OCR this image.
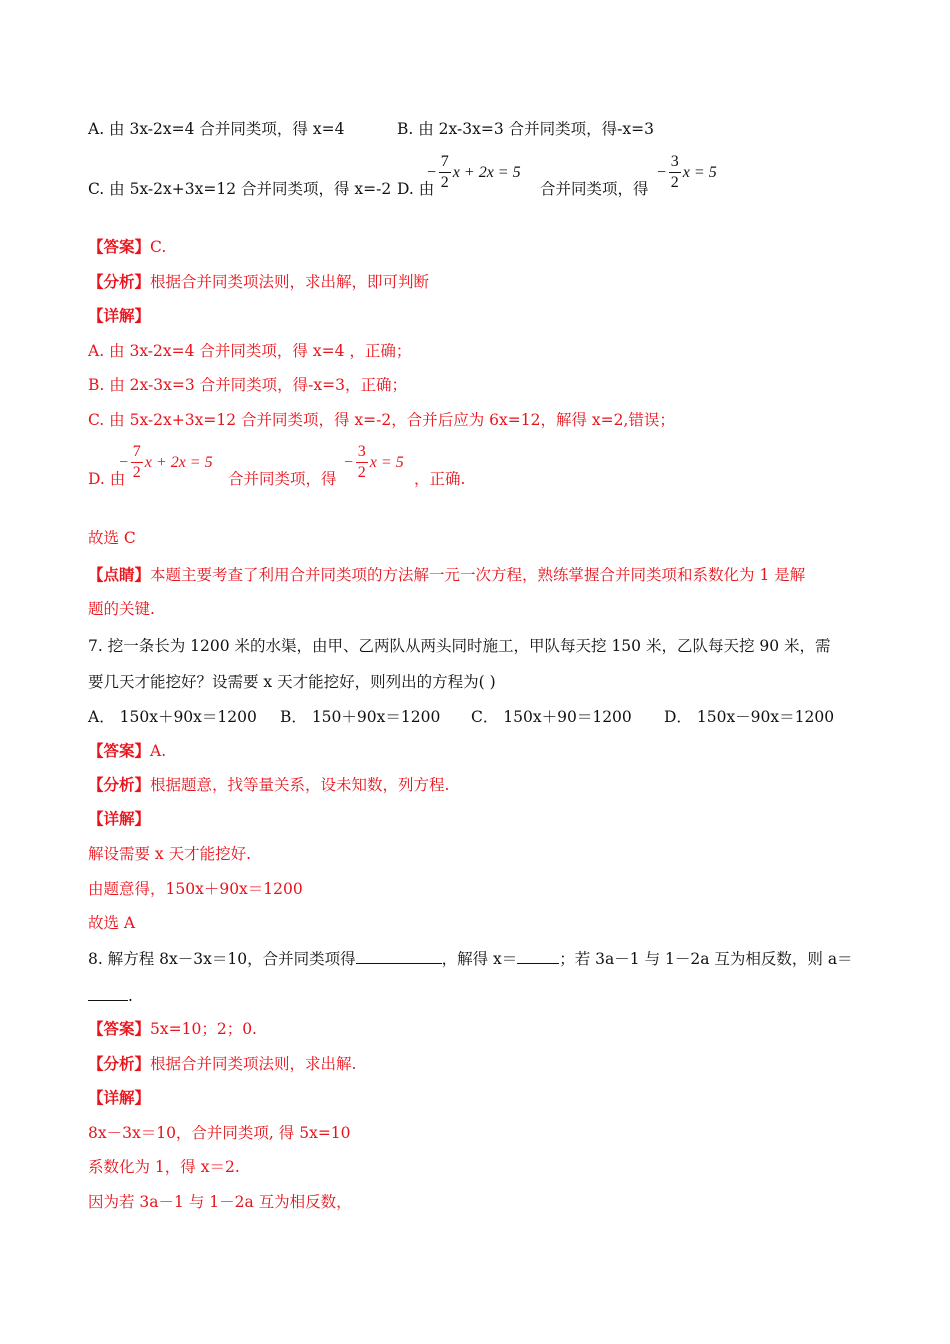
A. 由 3x-2x=4 合并同类项，得 x=4	B. 由 2x-3x=3 合并同类项，得-x=3
C. 由 5x-2x+3x=12 合并同类项，得 x=-2 D. 由
− $\frac{7}{2}$ x + 2x = 5
合并同类项，得
− $\frac{3}{2}$ x = 5
【答案】C.
【分析】根据合并同类项法则，求出解，即可判断
【详解】
A. 由 3x-2x=4 合并同类项，得 x=4 ，正确；
B. 由 2x-3x=3 合并同类项，得-x=3，正确；
C. 由 5x-2x+3x=12 合并同类项，得 x=-2，合并后应为 6x=12，解得 x=2,错误；
D. 由
− $\frac{7}{2}$ x + 2x = 5
合并同类项，得
− $\frac{3}{2}$ x = 5
，正确.
故选 C
【点睛】本题主要考查了利用合并同类项的方法解一元一次方程，熟练掌握合并同类项和系数化为 1 是解
题的关键.
7. 挖一条长为 1200 米的水渠，由甲、乙两队从两头同时施工，甲队每天挖 150 米，乙队每天挖 90 米，需
要几天才能挖好？设需要 x 天才能挖好，则列出的方程为( )
A． 150x＋90x＝1200 B． 150＋90x＝1200 C． 150x＋90＝1200 D． 150x－90x＝1200
【答案】A.
【分析】根据题意，找等量关系，设未知数，列方程.
【详解】
解设需要 x 天才能挖好.
由题意得，150x＋90x＝1200
故选 A
8. 解方程 8x－3x＝10，合并同类项得	，解得 x＝	；若 3a－1 与 1－2a 互为相反数，则 a＝
.
【答案】5x=10；2；0.
【分析】根据合并同类项法则，求出解.
【详解】
8x－3x＝10，合并同类项, 得 5x=10
系数化为 1，得 x＝2.
因为若 3a－1 与 1－2a 互为相反数，
